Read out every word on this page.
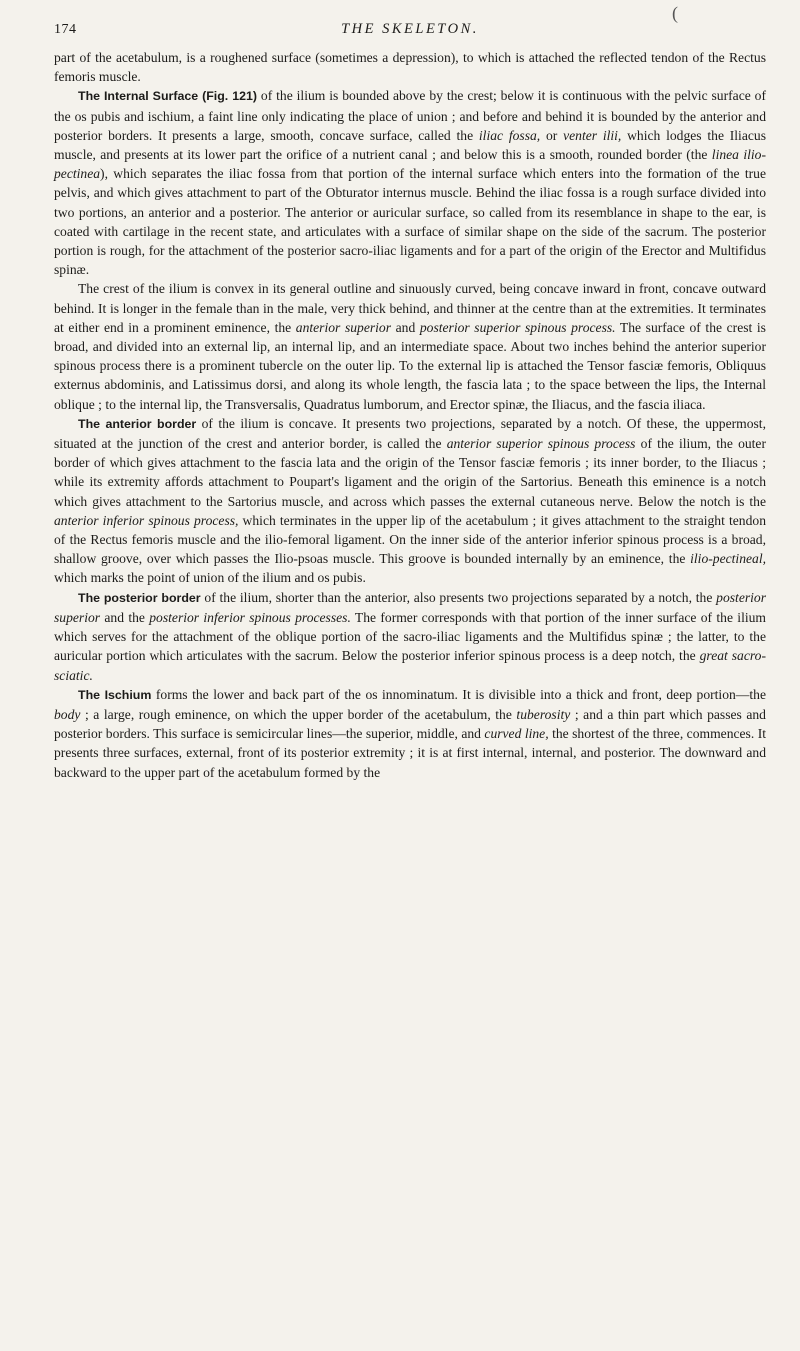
(
174	THE SKELETON.

part of the acetabulum, is a roughened surface (sometimes a depression), to which is attached the reflected tendon of the Rectus femoris muscle.

The Internal Surface (Fig. 121) of the ilium is bounded above by the crest; below it is continuous with the pelvic surface of the os pubis and ischium, a faint line only indicating the place of union ; and before and behind it is bounded by the anterior and posterior borders. It presents a large, smooth, concave surface, called the iliac fossa, or venter ilii, which lodges the Iliacus muscle, and presents at its lower part the orifice of a nutrient canal ; and below this is a smooth, rounded border (the linea ilio-pectinea), which separates the iliac fossa from that portion of the internal surface which enters into the formation of the true pelvis, and which gives attachment to part of the Obturator internus muscle. Behind the iliac fossa is a rough surface divided into two portions, an anterior and a posterior. The anterior or auricular surface, so called from its resemblance in shape to the ear, is coated with cartilage in the recent state, and articulates with a surface of similar shape on the side of the sacrum. The posterior portion is rough, for the attachment of the posterior sacro-iliac ligaments and for a part of the origin of the Erector and Multifidus spinæ.

The crest of the ilium is convex in its general outline and sinuously curved, being concave inward in front, concave outward behind. It is longer in the female than in the male, very thick behind, and thinner at the centre than at the extremities. It terminates at either end in a prominent eminence, the anterior superior and posterior superior spinous process. The surface of the crest is broad, and divided into an external lip, an internal lip, and an intermediate space. About two inches behind the anterior superior spinous process there is a prominent tubercle on the outer lip. To the external lip is attached the Tensor fasciæ femoris, Obliquus externus abdominis, and Latissimus dorsi, and along its whole length, the fascia lata ; to the space between the lips, the Internal oblique ; to the internal lip, the Transversalis, Quadratus lumborum, and Erector spinæ, the Iliacus, and the fascia iliaca.

The anterior border of the ilium is concave. It presents two projections, separated by a notch. Of these, the uppermost, situated at the junction of the crest and anterior border, is called the anterior superior spinous process of the ilium, the outer border of which gives attachment to the fascia lata and the origin of the Tensor fasciæ femoris ; its inner border, to the Iliacus ; while its extremity affords attachment to Poupart's ligament and the origin of the Sartorius. Beneath this eminence is a notch which gives attachment to the Sartorius muscle, and across which passes the external cutaneous nerve. Below the notch is the anterior inferior spinous process, which terminates in the upper lip of the acetabulum ; it gives attachment to the straight tendon of the Rectus femoris muscle and the ilio-femoral ligament. On the inner side of the anterior inferior spinous process is a broad, shallow groove, over which passes the Ilio-psoas muscle. This groove is bounded internally by an eminence, the ilio-pectineal, which marks the point of union of the ilium and os pubis.

The posterior border of the ilium, shorter than the anterior, also presents two projections separated by a notch, the posterior superior and the posterior inferior spinous processes. The former corresponds with that portion of the inner surface of the ilium which serves for the attachment of the oblique portion of the sacro-iliac ligaments and the Multifidus spinæ ; the latter, to the auricular portion which articulates with the sacrum. Below the posterior inferior spinous process is a deep notch, the great sacro-sciatic.

The Ischium forms the lower and back part of the os innominatum. It is divisible into a thick and front, deep portion—the body ; a large, rough eminence, on which the upper border of the acetabulum, the tuberosity ; and a thin part which passes and posterior borders. This surface is semicircular lines—the superior, middle, and curved line, the shortest of the three, commences. It presents three surfaces, external, front of its posterior extremity ; it is at first internal, internal, and posterior. The downward and backward to the upper part of the acetabulum formed by the
